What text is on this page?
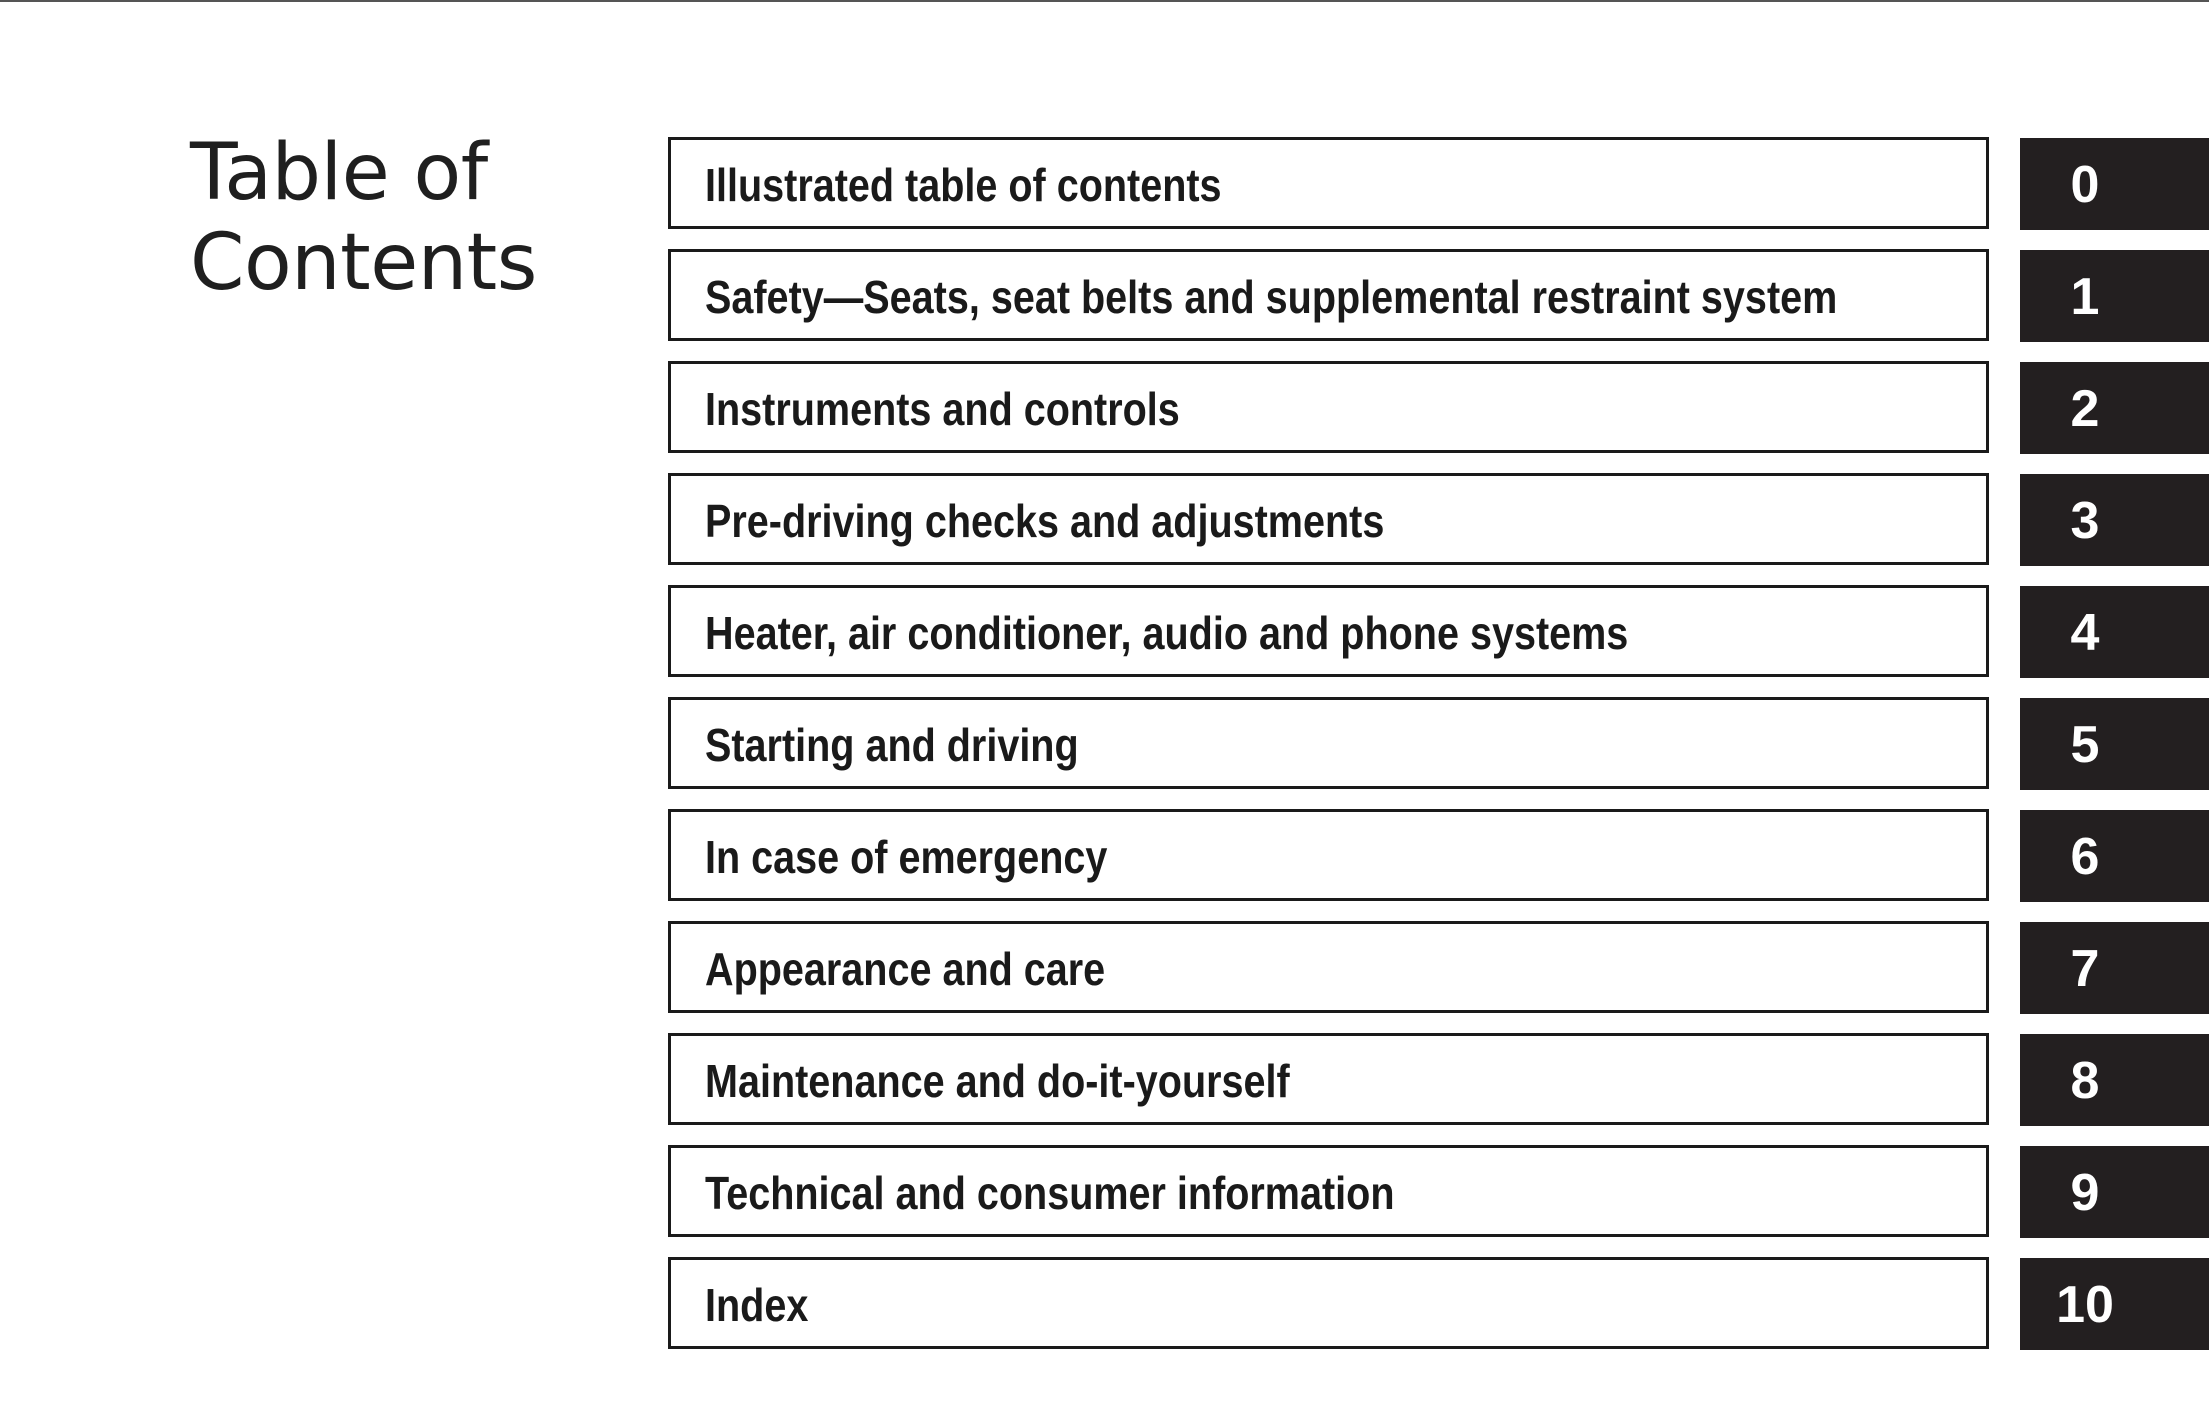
Table of
Contents
Illustrated table of contents	0
Safety—Seats, seat belts and supplemental restraint system	1
Instruments and controls	2
Pre-driving checks and adjustments	3
Heater, air conditioner, audio and phone systems	4
Starting and driving	5
In case of emergency	6
Appearance and care	7
Maintenance and do-it-yourself	8
Technical and consumer information	9
Index	10
